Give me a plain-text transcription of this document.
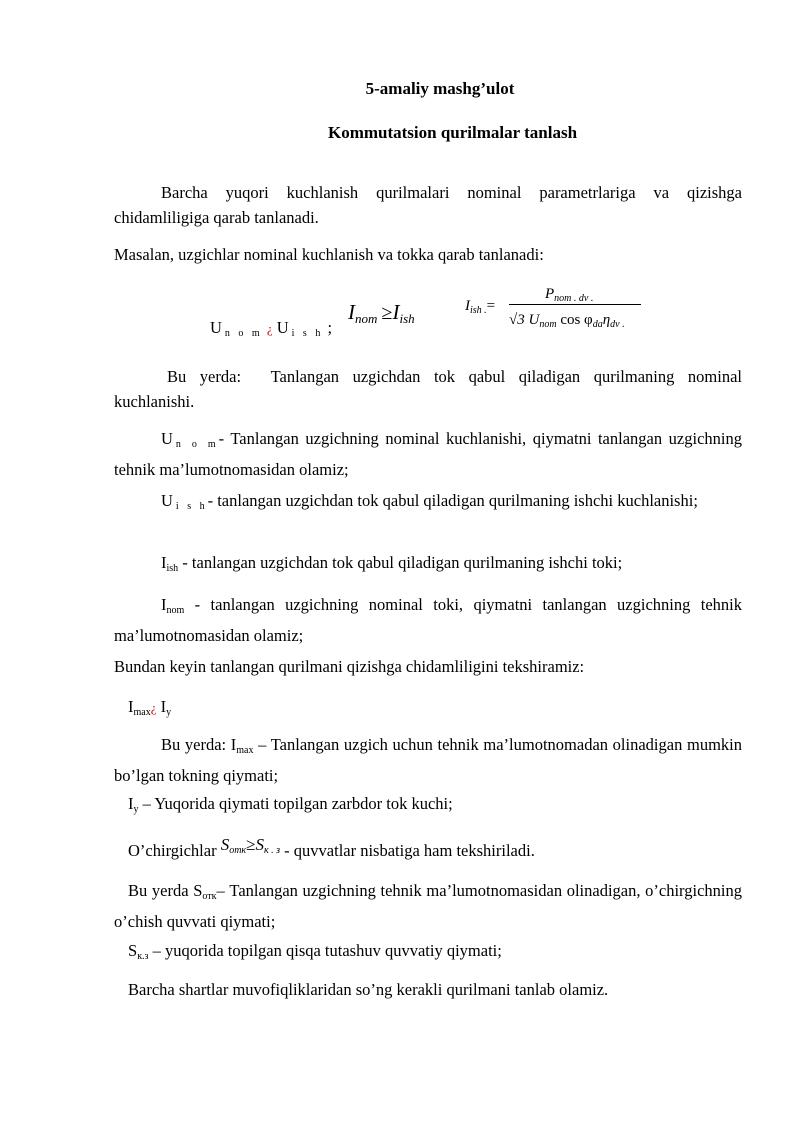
5-amaliy mashg’ulot
Kommutatsion qurilmalar tanlash
Barcha yuqori kuchlanish qurilmalari nominal parametrlariga va qizishga chidamliligiga qarab tanlanadi.
Masalan, uzgichlar nominal kuchlanish va tokka qarab tanlanadi:
U $_{n o m}$ ¿ U $_{i s h}$ ;
$I_{nom} \ge I_{ish}$
$I_{ish .}=$
$P_{nom . dv .}$
√3 $U_{nom}$ $\cos \varphi_{da}\eta_{dv .}$
Bu yerda: Tanlangan uzgichdan tok qabul qiladigan qurilmaning nominal kuchlanishi.
U $_{n o m}$- Tanlangan uzgichning nominal kuchlanishi, qiymatni tanlangan uzgichning tehnik ma’lumotnomasidan olamiz;
U $_{i s h}$- tanlangan uzgichdan tok qabul qiladigan qurilmaning ishchi kuchlanishi;
$I_{ish}$ - tanlangan uzgichdan tok qabul qiladigan qurilmaning ishchi toki;
$I_{nom}$ - tanlangan uzgichning nominal toki, qiymatni tanlangan uzgichning tehnik ma’lumotnomasidan olamiz;
Bundan keyin tanlangan qurilmani qizishga chidamliligini tekshiramiz:
$I_{max}¿$ $I_y$
Bu yerda: $I_{max}$ – Tanlangan uzgich uchun tehnik ma’lumotnomadan olinadigan mumkin bo’lgan tokning qiymati;
$I_y$ – Yuqorida qiymati topilgan zarbdor tok kuchi;
O’chirgichlar Sотк≥Sк . з - quvvatlar nisbatiga ham tekshiriladi.
Bu yerda $S_{отк}-$ Tanlangan uzgichning tehnik ma’lumotnomasidan olinadigan, o’chirgichning o’chish quvvati qiymati;
$S_{к.з}$ – yuqorida topilgan qisqa tutashuv quvvatiy qiymati;
Barcha shartlar muvofiqliklaridan so’ng kerakli qurilmani tanlab olamiz.
